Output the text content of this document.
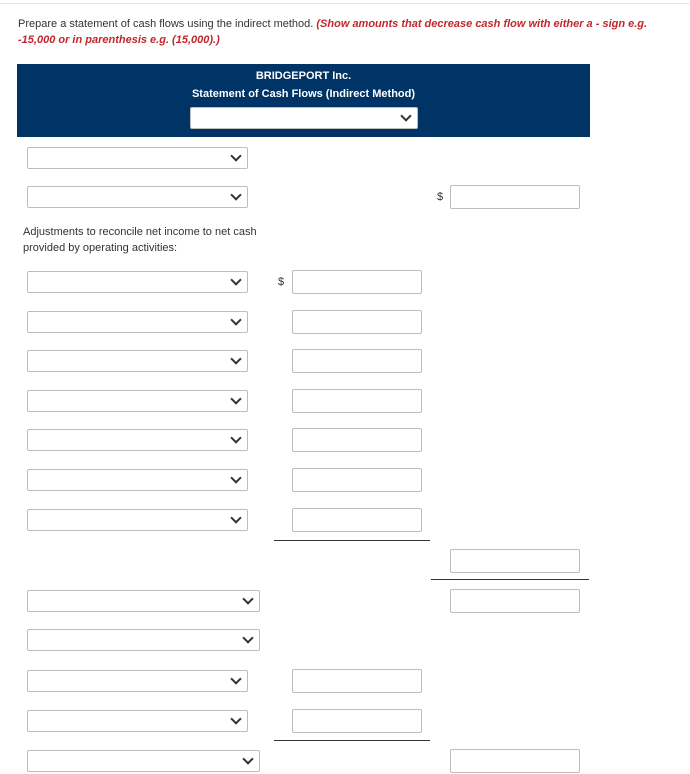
Prepare a statement of cash flows using the indirect method. (Show amounts that decrease cash flow with either a - sign e.g. -15,000 or in parenthesis e.g. (15,000).)
BRIDGEPORT Inc.
Statement of Cash Flows (Indirect Method)
$
Adjustments to reconcile net income to net cash provided by operating activities:
$
